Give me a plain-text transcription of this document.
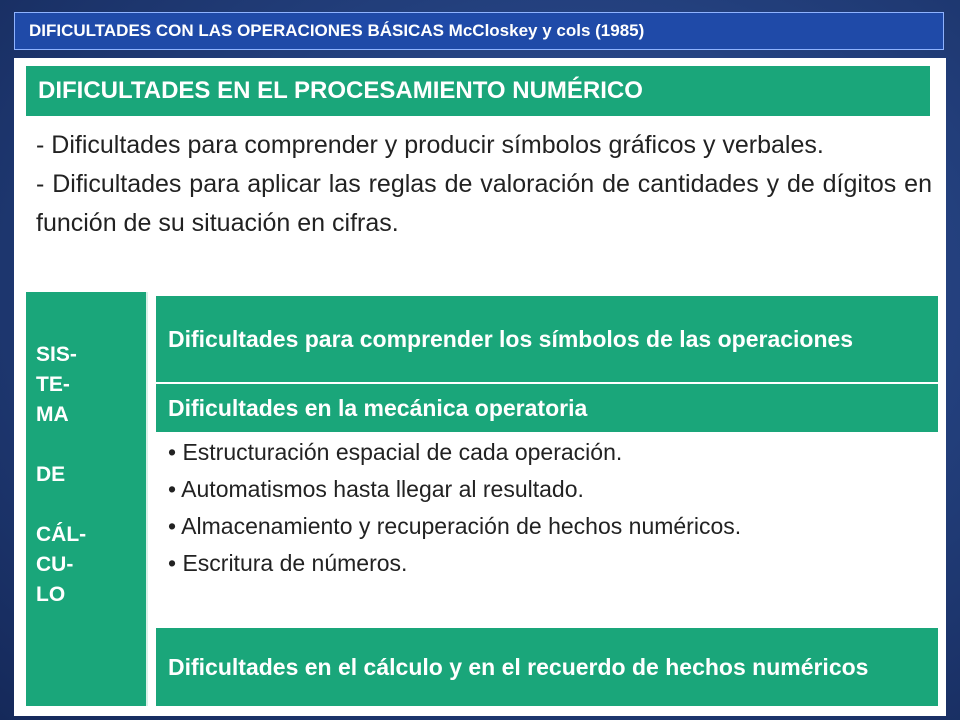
DIFICULTADES CON LAS OPERACIONES BÁSICAS McCloskey y cols (1985)
DIFICULTADES EN EL PROCESAMIENTO NUMÉRICO

- Dificultades para comprender y producir símbolos gráficos y verbales.

- Dificultades para aplicar las reglas de valoración de cantidades y de dígitos en función de su situación en cifras.

SIS-
TE-
MA
DE
CÁL-
CU-
LO
Dificultades para comprender los símbolos de las operaciones
Dificultades en la mecánica operatoria
• Estructuración espacial de cada operación.
• Automatismos hasta llegar al resultado.
• Almacenamiento y recuperación de hechos numéricos.
• Escritura de números.
Dificultades en el cálculo y en el recuerdo de hechos numéricos
